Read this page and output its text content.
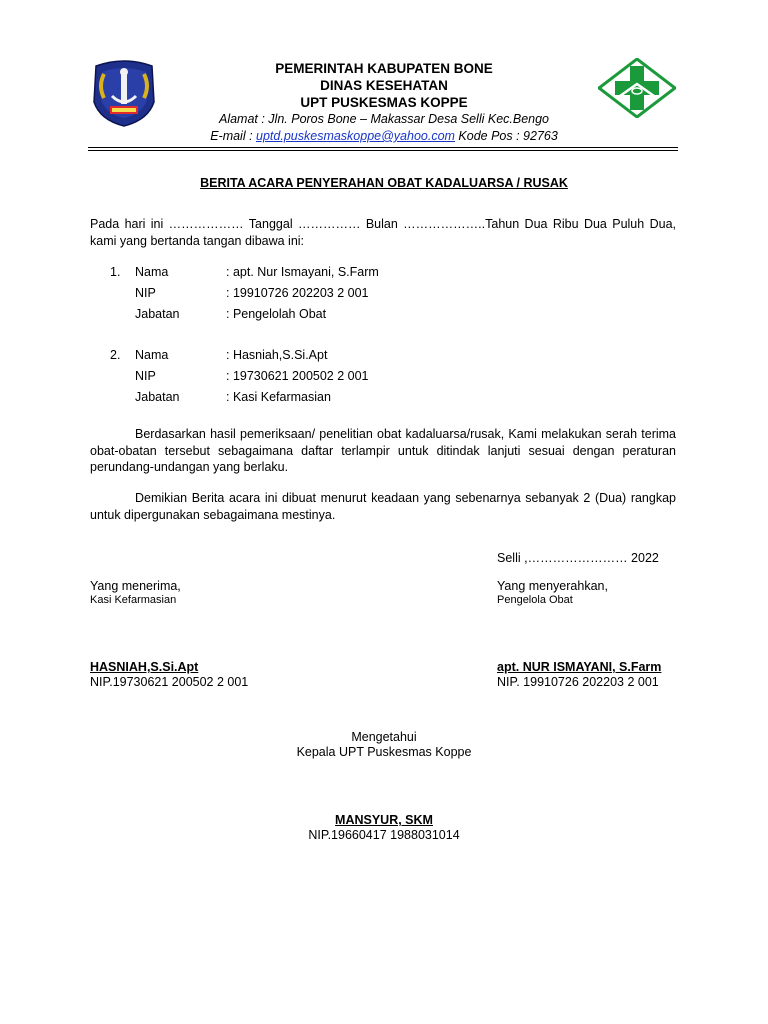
PEMERINTAH KABUPATEN BONE
DINAS KESEHATAN
UPT PUSKESMAS KOPPE
Alamat : Jln. Poros Bone – Makassar Desa Selli Kec.Bengo
E-mail : uptd.puskesmaskoppe@yahoo.com Kode Pos : 92763
BERITA ACARA PENYERAHAN OBAT KADALUARSA / RUSAK
Pada hari ini ……………… Tanggal …………… Bulan ………………..Tahun Dua Ribu Dua Puluh Dua, kami yang bertanda tangan dibawa ini:
1. Nama	: apt. Nur Ismayani, S.Farm
NIP	: 19910726 202203 2 001
Jabatan	: Pengelolah Obat
2. Nama	: Hasniah,S.Si.Apt
NIP	: 19730621 200502 2 001
Jabatan	: Kasi Kefarmasian
Berdasarkan hasil pemeriksaan/ penelitian obat kadaluarsa/rusak, Kami melakukan serah terima obat-obatan tersebut sebagaimana daftar terlampir untuk ditindak lanjuti sesuai dengan peraturan perundang-undangan yang berlaku.
Demikian Berita acara ini dibuat menurut keadaan yang sebenarnya sebanyak 2 (Dua) rangkap untuk dipergunakan sebagaimana mestinya.
Selli ,…………………… 2022
Yang menerima,
Kasi Kefarmasian
Yang menyerahkan,
Pengelola Obat
HASNIAH,S.Si.Apt
NIP.19730621 200502 2 001
apt. NUR ISMAYANI, S.Farm
NIP. 19910726 202203 2 001
Mengetahui
Kepala UPT Puskesmas Koppe
MANSYUR, SKM
NIP.19660417 1988031014
